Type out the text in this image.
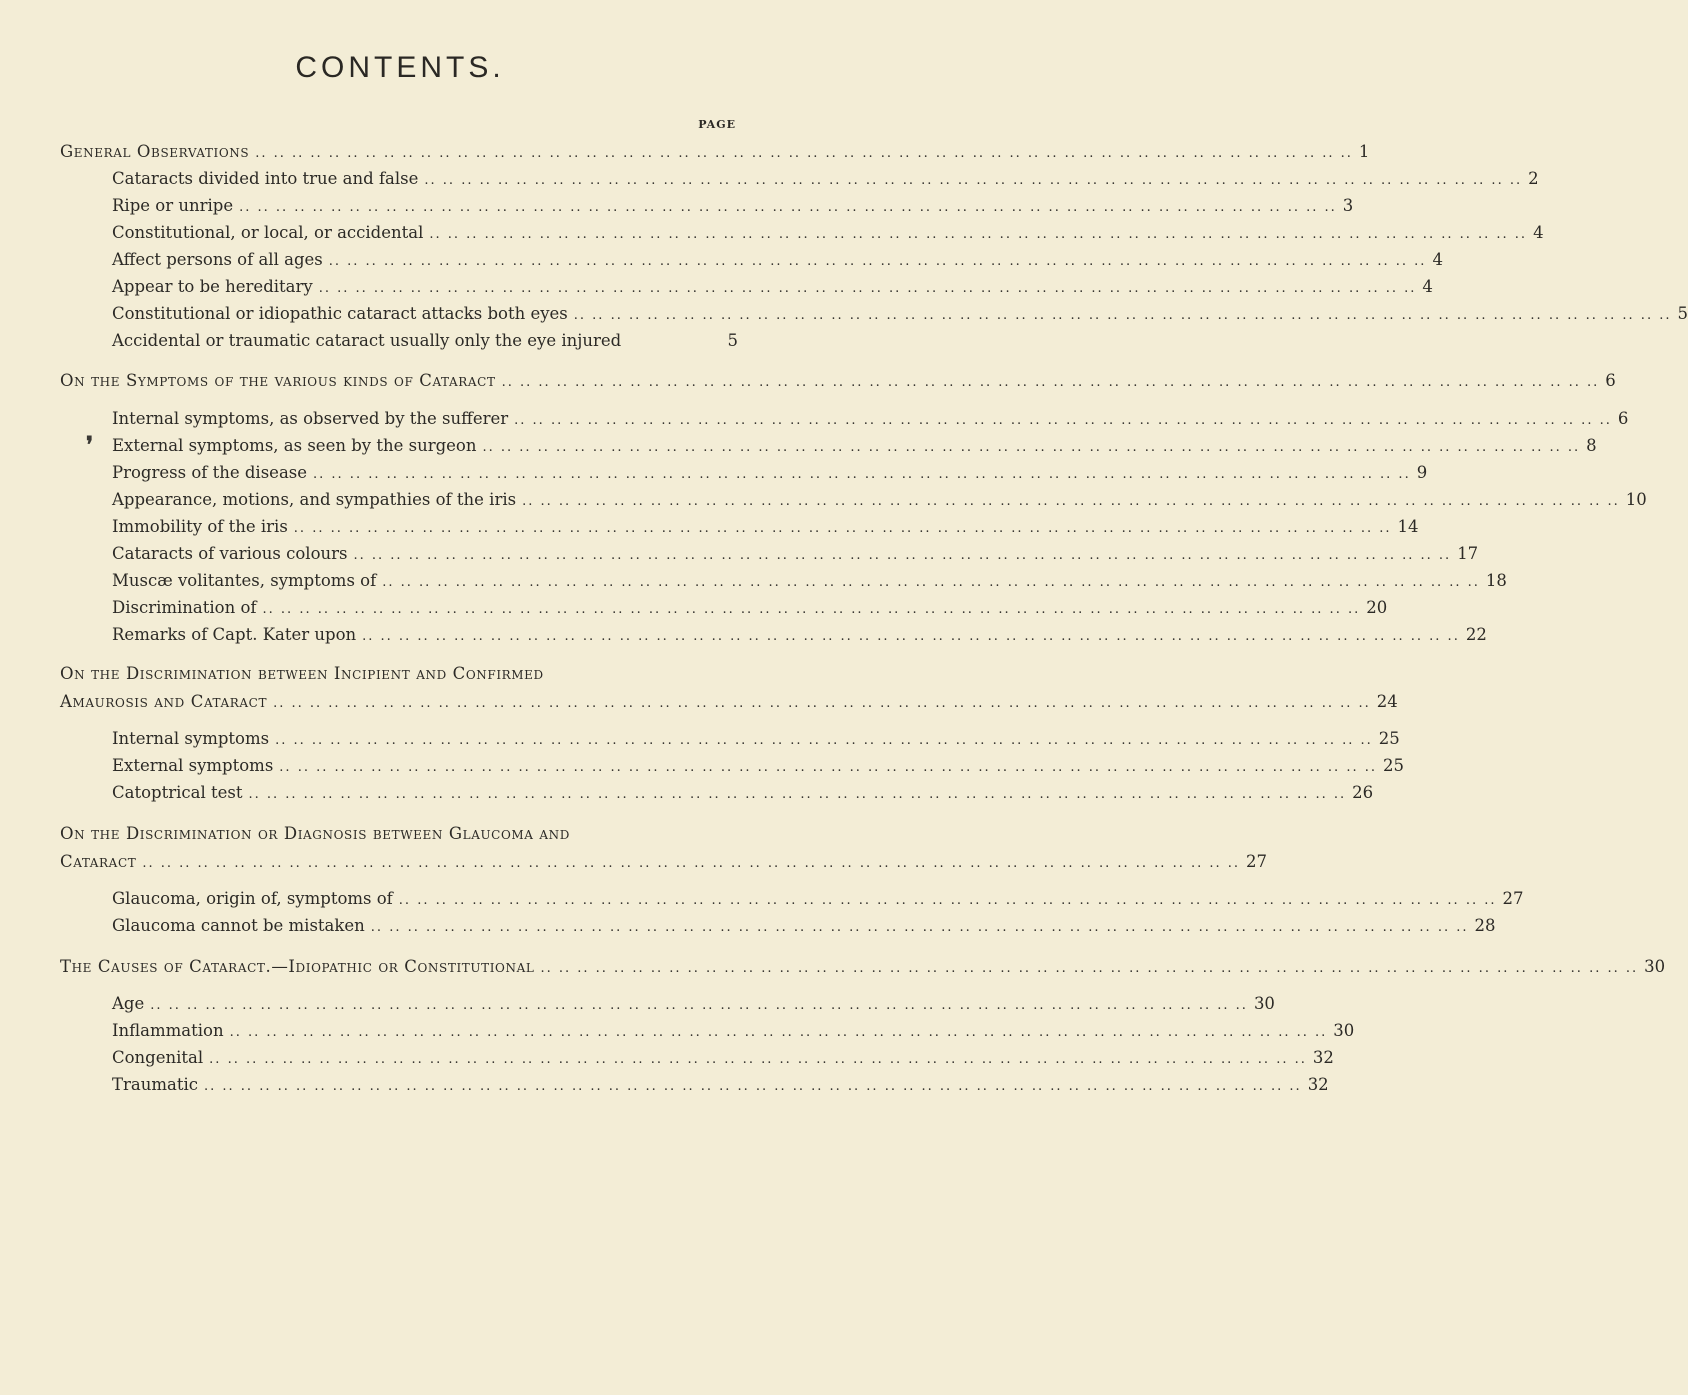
CONTENTS.
PAGE
General Observations .. .. .. .. .. .. .. .. .. .. .. .. .. .. .. .. .. .. .. .. .. .. .. .. .. .. .. .. .. .. .. .. .. .. .. .. .. .. .. .. .. .. .. .. .. .. .. .. .. .. .. .. .. .. .. .. .. .. .. .. 1
Cataracts divided into true and false .. .. .. .. .. .. .. .. .. .. .. .. .. .. .. .. .. .. .. .. .. .. .. .. .. .. .. .. .. .. .. .. .. .. .. .. .. .. .. .. .. .. .. .. .. .. .. .. .. .. .. .. .. .. .. .. .. .. .. .. 2
Ripe or unripe .. .. .. .. .. .. .. .. .. .. .. .. .. .. .. .. .. .. .. .. .. .. .. .. .. .. .. .. .. .. .. .. .. .. .. .. .. .. .. .. .. .. .. .. .. .. .. .. .. .. .. .. .. .. .. .. .. .. .. .. 3
Constitutional, or local, or accidental .. .. .. .. .. .. .. .. .. .. .. .. .. .. .. .. .. .. .. .. .. .. .. .. .. .. .. .. .. .. .. .. .. .. .. .. .. .. .. .. .. .. .. .. .. .. .. .. .. .. .. .. .. .. .. .. .. .. .. .. 4
Affect persons of all ages .. .. .. .. .. .. .. .. .. .. .. .. .. .. .. .. .. .. .. .. .. .. .. .. .. .. .. .. .. .. .. .. .. .. .. .. .. .. .. .. .. .. .. .. .. .. .. .. .. .. .. .. .. .. .. .. .. .. .. .. 4
Appear to be hereditary .. .. .. .. .. .. .. .. .. .. .. .. .. .. .. .. .. .. .. .. .. .. .. .. .. .. .. .. .. .. .. .. .. .. .. .. .. .. .. .. .. .. .. .. .. .. .. .. .. .. .. .. .. .. .. .. .. .. .. .. 4
Constitutional or idiopathic cataract attacks both eyes .. .. .. .. .. .. .. .. .. .. .. .. .. .. .. .. .. .. .. .. .. .. .. .. .. .. .. .. .. .. .. .. .. .. .. .. .. .. .. .. .. .. .. .. .. .. .. .. .. .. .. .. .. .. .. .. .. .. .. .. 5
Accidental or traumatic cataract usually only the eye injured	5
On the Symptoms of the various kinds of Cataract .. .. .. .. .. .. .. .. .. .. .. .. .. .. .. .. .. .. .. .. .. .. .. .. .. .. .. .. .. .. .. .. .. .. .. .. .. .. .. .. .. .. .. .. .. .. .. .. .. .. .. .. .. .. .. .. .. .. .. .. 6
Internal symptoms, as observed by the sufferer .. .. .. .. .. .. .. .. .. .. .. .. .. .. .. .. .. .. .. .. .. .. .. .. .. .. .. .. .. .. .. .. .. .. .. .. .. .. .. .. .. .. .. .. .. .. .. .. .. .. .. .. .. .. .. .. .. .. .. .. 6
❜ External symptoms, as seen by the surgeon .. .. .. .. .. .. .. .. .. .. .. .. .. .. .. .. .. .. .. .. .. .. .. .. .. .. .. .. .. .. .. .. .. .. .. .. .. .. .. .. .. .. .. .. .. .. .. .. .. .. .. .. .. .. .. .. .. .. .. .. 8
Progress of the disease .. .. .. .. .. .. .. .. .. .. .. .. .. .. .. .. .. .. .. .. .. .. .. .. .. .. .. .. .. .. .. .. .. .. .. .. .. .. .. .. .. .. .. .. .. .. .. .. .. .. .. .. .. .. .. .. .. .. .. .. 9
Appearance, motions, and sympathies of the iris .. .. .. .. .. .. .. .. .. .. .. .. .. .. .. .. .. .. .. .. .. .. .. .. .. .. .. .. .. .. .. .. .. .. .. .. .. .. .. .. .. .. .. .. .. .. .. .. .. .. .. .. .. .. .. .. .. .. .. .. 10
Immobility of the iris .. .. .. .. .. .. .. .. .. .. .. .. .. .. .. .. .. .. .. .. .. .. .. .. .. .. .. .. .. .. .. .. .. .. .. .. .. .. .. .. .. .. .. .. .. .. .. .. .. .. .. .. .. .. .. .. .. .. .. .. 14
Cataracts of various colours .. .. .. .. .. .. .. .. .. .. .. .. .. .. .. .. .. .. .. .. .. .. .. .. .. .. .. .. .. .. .. .. .. .. .. .. .. .. .. .. .. .. .. .. .. .. .. .. .. .. .. .. .. .. .. .. .. .. .. .. 17
Muscæ volitantes, symptoms of .. .. .. .. .. .. .. .. .. .. .. .. .. .. .. .. .. .. .. .. .. .. .. .. .. .. .. .. .. .. .. .. .. .. .. .. .. .. .. .. .. .. .. .. .. .. .. .. .. .. .. .. .. .. .. .. .. .. .. .. 18
Discrimination of .. .. .. .. .. .. .. .. .. .. .. .. .. .. .. .. .. .. .. .. .. .. .. .. .. .. .. .. .. .. .. .. .. .. .. .. .. .. .. .. .. .. .. .. .. .. .. .. .. .. .. .. .. .. .. .. .. .. .. .. 20
Remarks of Capt. Kater upon .. .. .. .. .. .. .. .. .. .. .. .. .. .. .. .. .. .. .. .. .. .. .. .. .. .. .. .. .. .. .. .. .. .. .. .. .. .. .. .. .. .. .. .. .. .. .. .. .. .. .. .. .. .. .. .. .. .. .. .. 22
On the Discrimination between Incipient and Confirmed
Amaurosis and Cataract .. .. .. .. .. .. .. .. .. .. .. .. .. .. .. .. .. .. .. .. .. .. .. .. .. .. .. .. .. .. .. .. .. .. .. .. .. .. .. .. .. .. .. .. .. .. .. .. .. .. .. .. .. .. .. .. .. .. .. .. 24
Internal symptoms .. .. .. .. .. .. .. .. .. .. .. .. .. .. .. .. .. .. .. .. .. .. .. .. .. .. .. .. .. .. .. .. .. .. .. .. .. .. .. .. .. .. .. .. .. .. .. .. .. .. .. .. .. .. .. .. .. .. .. .. 25
External symptoms .. .. .. .. .. .. .. .. .. .. .. .. .. .. .. .. .. .. .. .. .. .. .. .. .. .. .. .. .. .. .. .. .. .. .. .. .. .. .. .. .. .. .. .. .. .. .. .. .. .. .. .. .. .. .. .. .. .. .. .. 25
Catoptrical test .. .. .. .. .. .. .. .. .. .. .. .. .. .. .. .. .. .. .. .. .. .. .. .. .. .. .. .. .. .. .. .. .. .. .. .. .. .. .. .. .. .. .. .. .. .. .. .. .. .. .. .. .. .. .. .. .. .. .. .. 26
On the Discrimination or Diagnosis between Glaucoma and
Cataract .. .. .. .. .. .. .. .. .. .. .. .. .. .. .. .. .. .. .. .. .. .. .. .. .. .. .. .. .. .. .. .. .. .. .. .. .. .. .. .. .. .. .. .. .. .. .. .. .. .. .. .. .. .. .. .. .. .. .. .. 27
Glaucoma, origin of, symptoms of .. .. .. .. .. .. .. .. .. .. .. .. .. .. .. .. .. .. .. .. .. .. .. .. .. .. .. .. .. .. .. .. .. .. .. .. .. .. .. .. .. .. .. .. .. .. .. .. .. .. .. .. .. .. .. .. .. .. .. .. 27
Glaucoma cannot be mistaken .. .. .. .. .. .. .. .. .. .. .. .. .. .. .. .. .. .. .. .. .. .. .. .. .. .. .. .. .. .. .. .. .. .. .. .. .. .. .. .. .. .. .. .. .. .. .. .. .. .. .. .. .. .. .. .. .. .. .. .. 28
The Causes of Cataract.—Idiopathic or Constitutional .. .. .. .. .. .. .. .. .. .. .. .. .. .. .. .. .. .. .. .. .. .. .. .. .. .. .. .. .. .. .. .. .. .. .. .. .. .. .. .. .. .. .. .. .. .. .. .. .. .. .. .. .. .. .. .. .. .. .. .. 30
Age .. .. .. .. .. .. .. .. .. .. .. .. .. .. .. .. .. .. .. .. .. .. .. .. .. .. .. .. .. .. .. .. .. .. .. .. .. .. .. .. .. .. .. .. .. .. .. .. .. .. .. .. .. .. .. .. .. .. .. .. 30
Inflammation .. .. .. .. .. .. .. .. .. .. .. .. .. .. .. .. .. .. .. .. .. .. .. .. .. .. .. .. .. .. .. .. .. .. .. .. .. .. .. .. .. .. .. .. .. .. .. .. .. .. .. .. .. .. .. .. .. .. .. .. 30
Congenital .. .. .. .. .. .. .. .. .. .. .. .. .. .. .. .. .. .. .. .. .. .. .. .. .. .. .. .. .. .. .. .. .. .. .. .. .. .. .. .. .. .. .. .. .. .. .. .. .. .. .. .. .. .. .. .. .. .. .. .. 32
Traumatic .. .. .. .. .. .. .. .. .. .. .. .. .. .. .. .. .. .. .. .. .. .. .. .. .. .. .. .. .. .. .. .. .. .. .. .. .. .. .. .. .. .. .. .. .. .. .. .. .. .. .. .. .. .. .. .. .. .. .. .. 32
